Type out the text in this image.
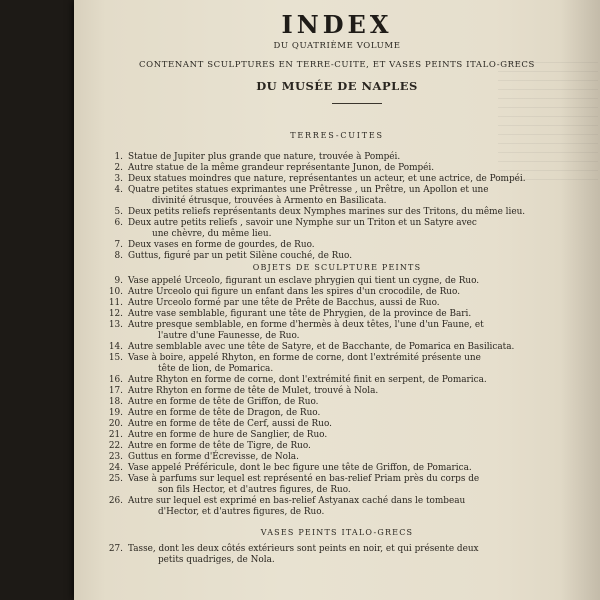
INDEX
DU QUATRIÈME VOLUME
CONTENANT SCULPTURES EN TERRE-CUITE, ET VASES PEINTS ITALO-GRECS
DU MUSÉE DE NAPLES
TERRES-CUITES
OBJETS DE SCULPTURE PEINTS
VASES PEINTS ITALO-GRECS
1. Statue de Jupiter plus grande que nature, trouvée à Pompéi.
2. Autre statue de la même grandeur représentante Junon, de Pompéi.
3. Deux statues moindres que nature, représentantes un acteur, et une actrice, de Pompéi.
4. Quatre petites statues exprimantes une Prêtresse , un Prêtre, un Apollon et une
divinité étrusque, trouvées à Armento en Basilicata.
5. Deux petits reliefs représentants deux Nymphes marines sur des Tritons, du même lieu.
6. Deux autre petits reliefs , savoir une Nymphe sur un Triton et un Satyre avec
une chèvre, du même lieu.
7. Deux vases en forme de gourdes, de Ruo.
8. Guttus, figuré par un petit Silène couché, de Ruo.
9. Vase appelé Urceolo, figurant un esclave phrygien qui tient un cygne, de Ruo.
10. Autre Urceolo qui figure un enfant dans les spires d'un crocodile, de Ruo.
11. Autre Urceolo formé par une tête de Prête de Bacchus, aussi de Ruo.
12. Autre vase semblable, figurant une tête de Phrygien, de la province de Bari.
13. Autre presque semblable, en forme d'hermès à deux têtes, l'une d'un Faune, et
l'autre d'une Faunesse, de Ruo.
14. Autre semblable avec une tête de Satyre, et de Bacchante, de Pomarica en Basilicata.
15. Vase à boire, appelé Rhyton, en forme de corne, dont l'extrémité présente une
tête de lion, de Pomarica.
16. Autre Rhyton en forme de corne, dont l'extrémité finit en serpent, de Pomarica.
17. Autre Rhyton en forme de tête de Mulet, trouvé à Nola.
18. Autre en forme de tête de Griffon, de Ruo.
19. Autre en forme de tête de Dragon, de Ruo.
20. Autre en forme de tête de Cerf, aussi de Ruo.
21. Autre en forme de hure de Sanglier, de Ruo.
22. Autre en forme de tête de Tigre, de Ruo.
23. Guttus en forme d'Écrevisse, de Nola.
24. Vase appelé Préféricule, dont le bec figure une tête de Griffon, de Pomarica.
25. Vase à parfums sur lequel est représenté en bas-relief Priam près du corps de
son fils Hector, et d'autres figures, de Ruo.
26. Autre sur lequel est exprimé en bas-relief Astyanax caché dans le tombeau
d'Hector, et d'autres figures, de Ruo.
27. Tasse, dont les deux côtés extérieurs sont peints en noir, et qui présente deux
petits quadriges, de Nola.
